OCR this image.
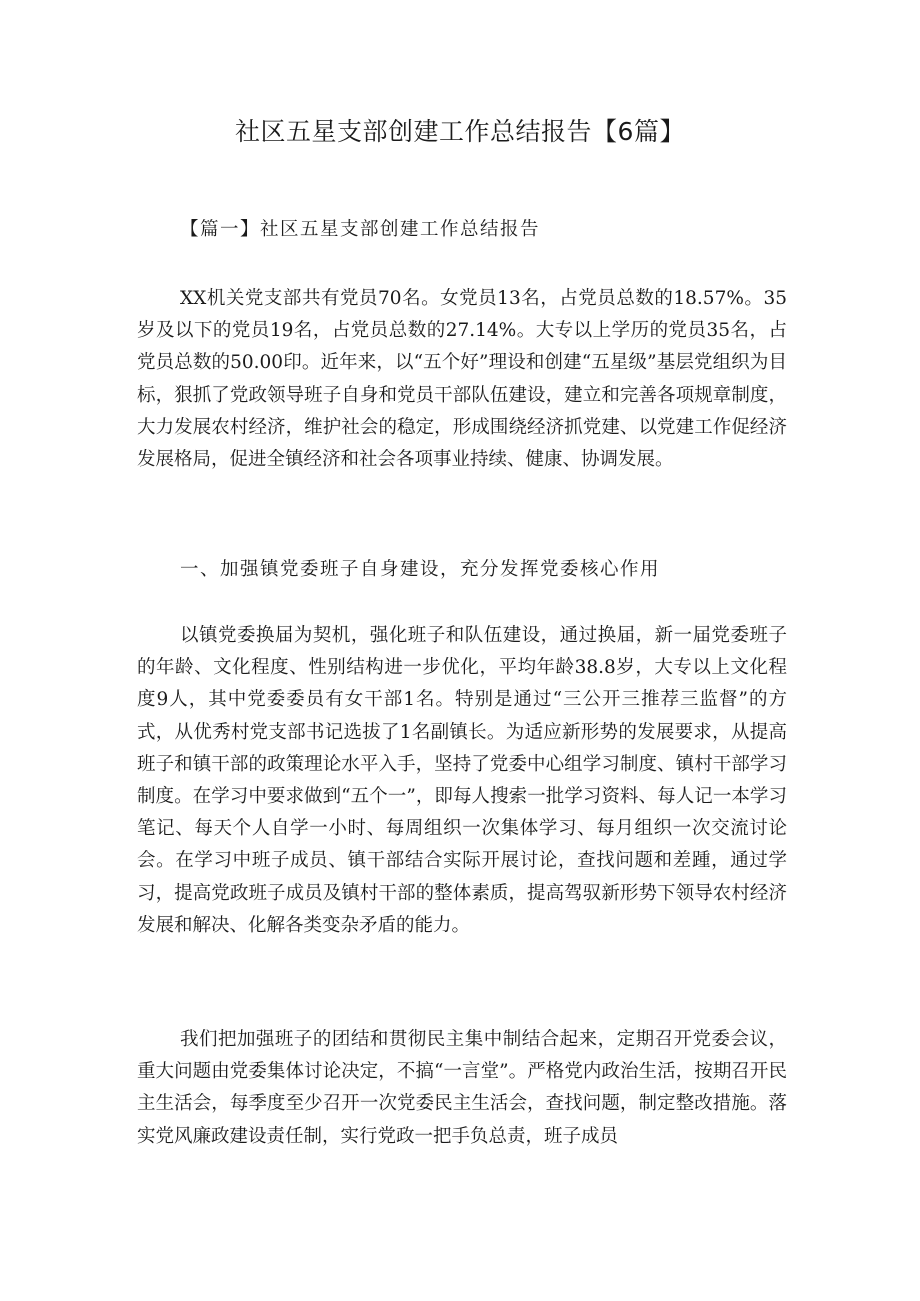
社区五星支部创建工作总结报告【6篇】

【篇一】社区五星支部创建工作总结报告

XX机关党支部共有党员70名。女党员13名，占党员总数的18.57%。35岁及以下的党员19名，占党员总数的27.14%。大专以上学历的党员35名，占党员总数的50.00印。近年来，以“五个好”理设和创建“五星级”基层党组织为目标，狠抓了党政领导班子自身和党员干部队伍建设，建立和完善各项规章制度，大力发展农村经济，维护社会的稳定，形成围绕经济抓党建、以党建工作促经济发展格局，促进全镇经济和社会各项事业持续、健康、协调发展。

一、加强镇党委班子自身建设，充分发挥党委核心作用

以镇党委换届为契机，强化班子和队伍建设，通过换届，新一届党委班子的年龄、文化程度、性别结构进一步优化，平均年龄38.8岁，大专以上文化程度9人，其中党委委员有女干部1名。特别是通过“三公开三推荐三监督”的方式，从优秀村党支部书记选拔了1名副镇长。为适应新形势的发展要求，从提高班子和镇干部的政策理论水平入手，坚持了党委中心组学习制度、镇村干部学习制度。在学习中要求做到“五个一”，即每人搜索一批学习资料、每人记一本学习笔记、每天个人自学一小时、每周组织一次集体学习、每月组织一次交流讨论会。在学习中班子成员、镇干部结合实际开展讨论，查找问题和差踵，通过学习，提高党政班子成员及镇村干部的整体素质，提高驾驭新形势下领导农村经济发展和解决、化解各类变杂矛盾的能力。

我们把加强班子的团结和贯彻民主集中制结合起来，定期召开党委会议，重大问题由党委集体讨论决定，不搞“一言堂”。严格党内政治生活，按期召开民主生活会，每季度至少召开一次党委民主生活会，查找问题，制定整改措施。落实党风廉政建设责任制，实行党政一把手负总责，班子成员
